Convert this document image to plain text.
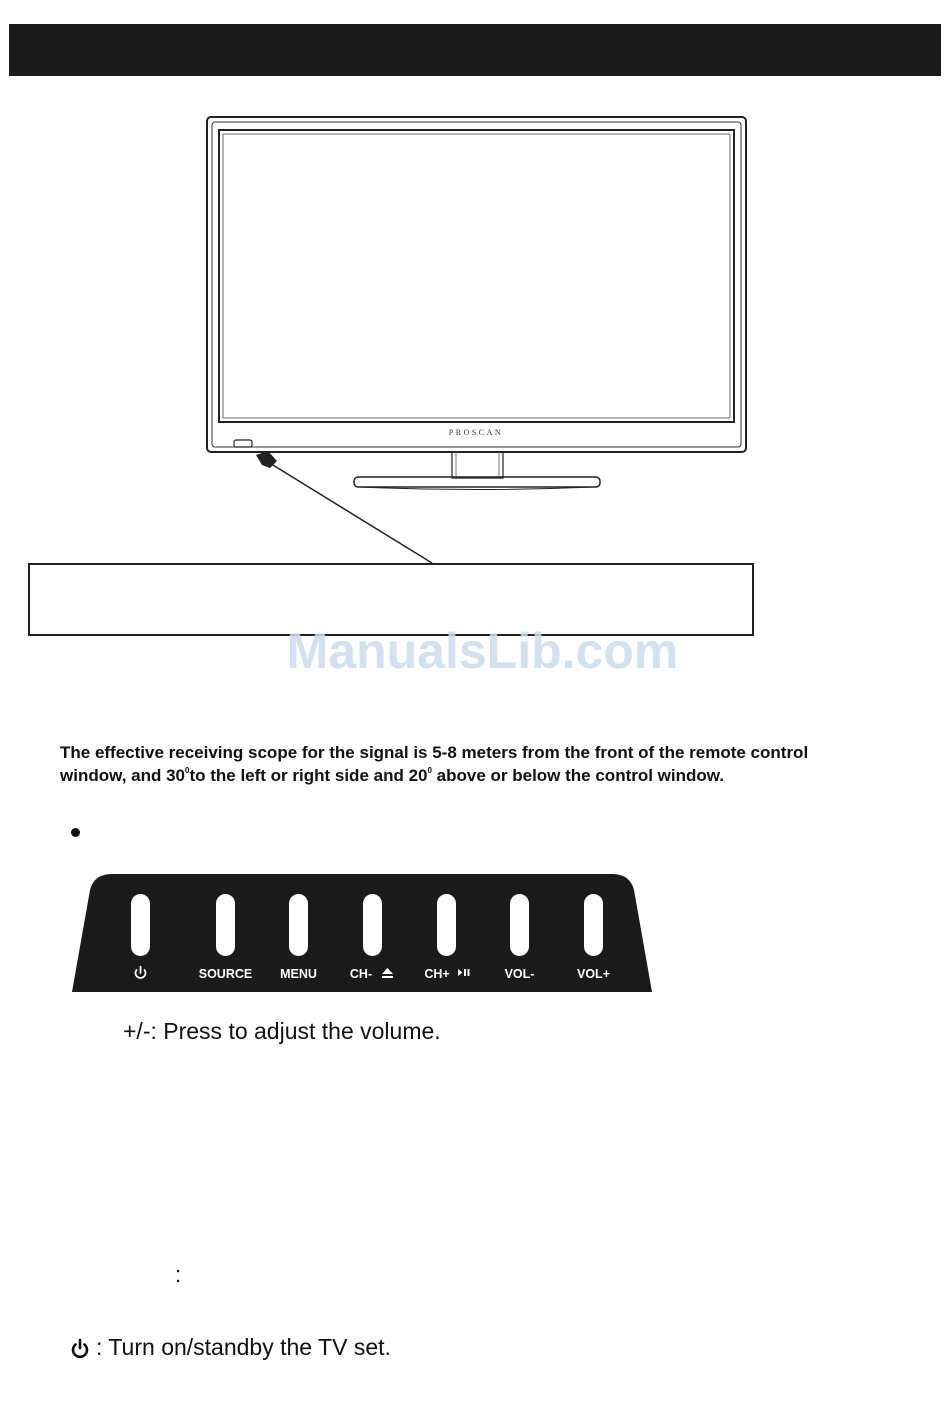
PROSCAN
ManualsLib.com
The effective receiving scope for the signal is 5-8 meters from the front of the remote control window, and $30^0to$ the left or right side and $20^0$ above or below the control window.
SOURCE	MENU	CH-	CH+	VOL-	VOL+
+/-: Press to adjust the volume.
:
: Turn on/standby the TV set.
